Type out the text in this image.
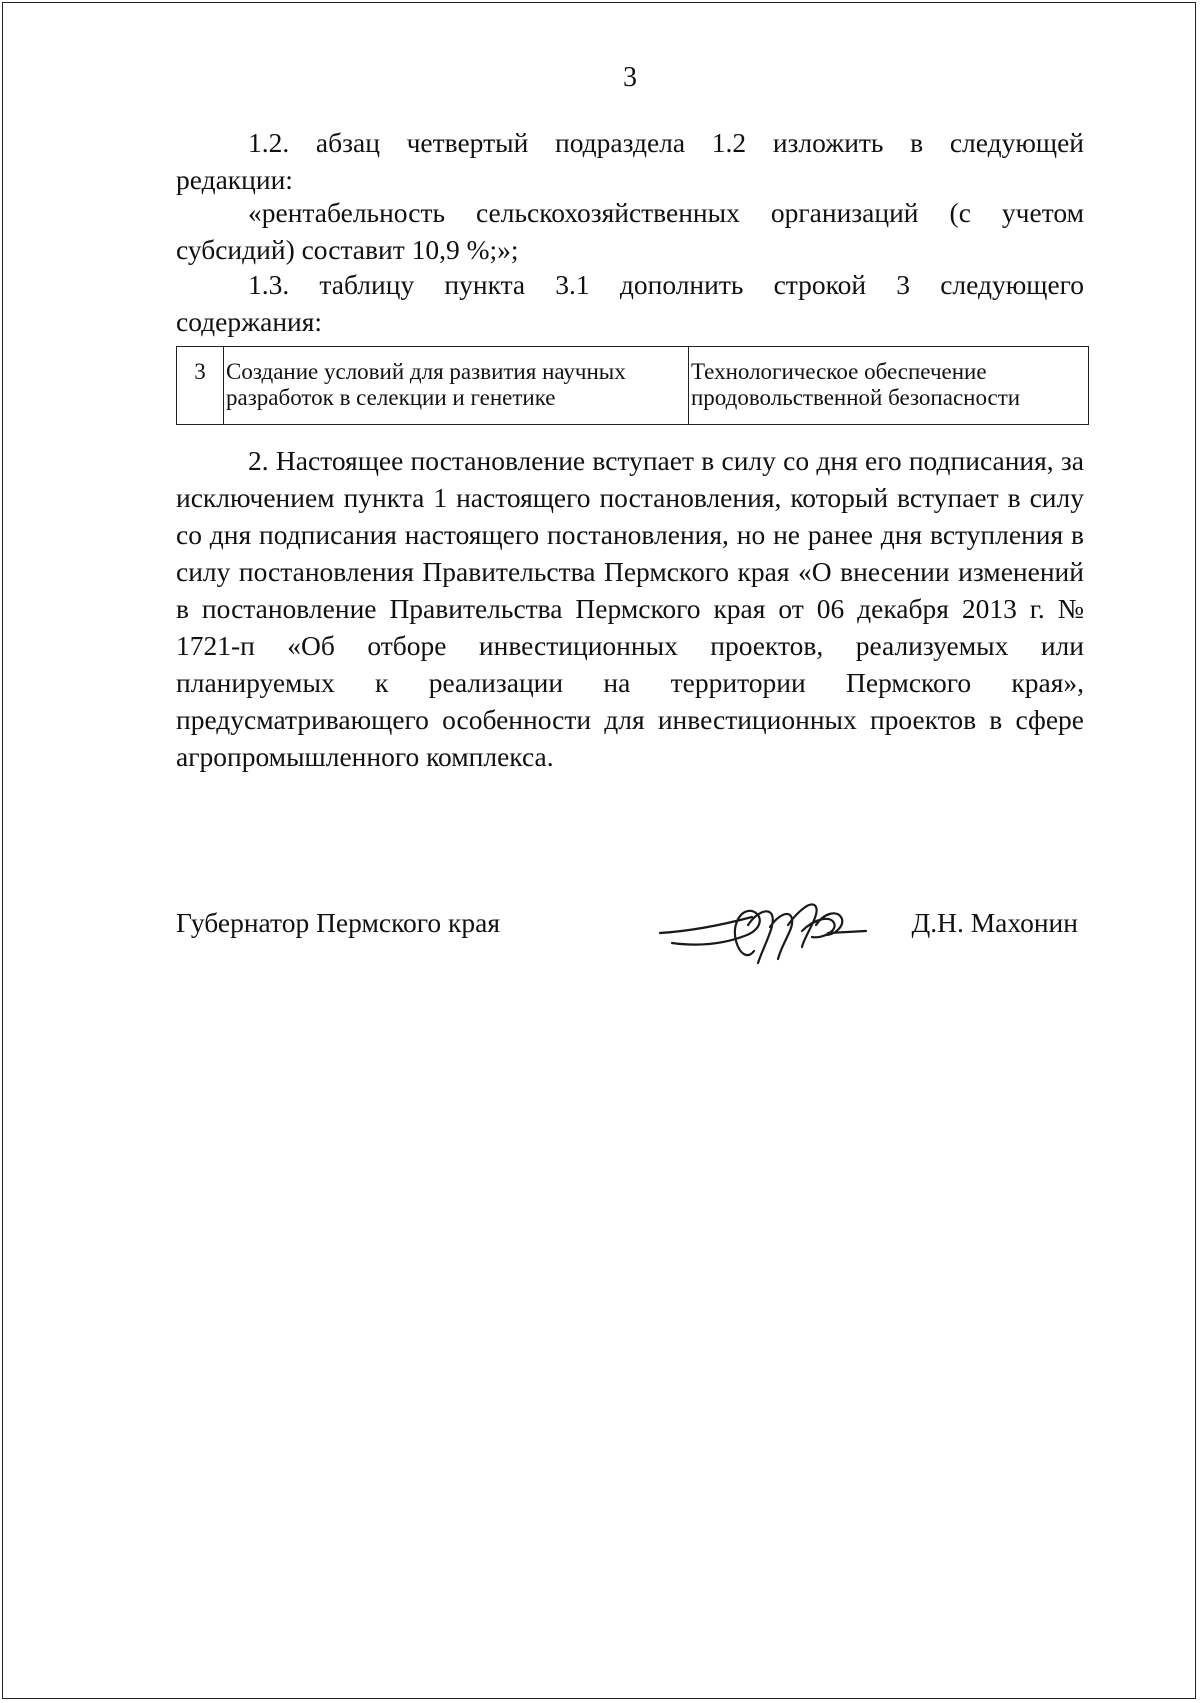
3
1.2. абзац четвертый подраздела 1.2 изложить в следующей
редакции:
«рентабельность сельскохозяйственных организаций (с учетом
субсидий) составит 10,9 %;»;
1.3. таблицу пункта 3.1 дополнить строкой 3 следующего
содержания:
3	Создание условий для развития научных разработок в селекции и генетике	Технологическое обеспечение продовольственной безопасности
2. Настоящее постановление вступает в силу со дня его подписания, за исключением пункта 1 настоящего постановления, который вступает в силу со дня подписания настоящего постановления, но не ранее дня вступления в силу постановления Правительства Пермского края «О внесении изменений в постановление Правительства Пермского края от 06 декабря 2013 г. № 1721-п «Об отборе инвестиционных проектов, реализуемых или планируемых к реализации на территории Пермского края», предусматривающего особенности для инвестиционных проектов в сфере агропромышленного комплекса.
Губернатор Пермского края	Д.Н. Махонин
